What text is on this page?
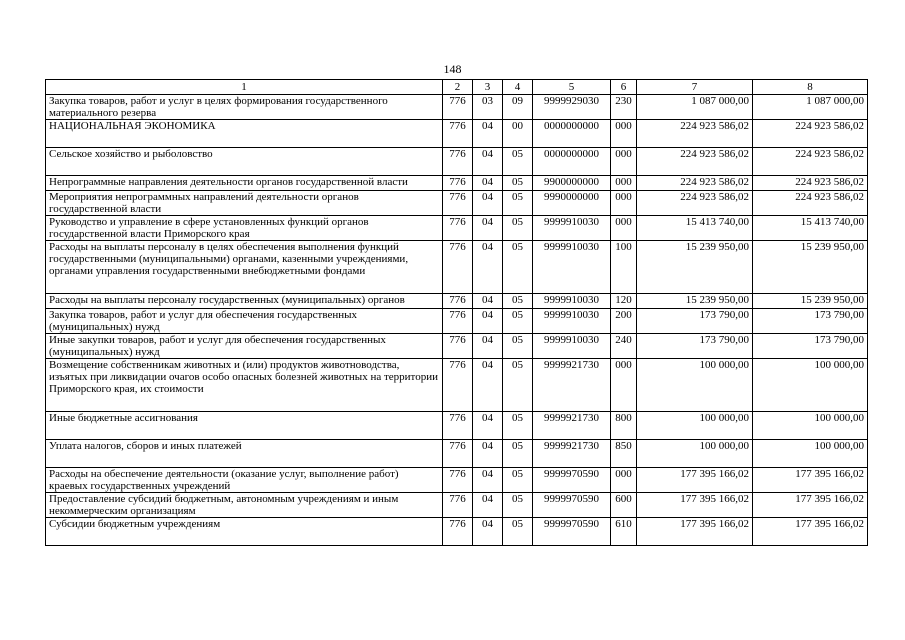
148
1	2	3	4	5	6	7	8
Закупка товаров, работ и услуг в целях формирования государственного материального резерва	776	03	09	9999929030	230	1 087 000,00	1 087 000,00
НАЦИОНАЛЬНАЯ ЭКОНОМИКА	776	04	00	0000000000	000	224 923 586,02	224 923 586,02
Сельское хозяйство и рыболовство	776	04	05	0000000000	000	224 923 586,02	224 923 586,02
Непрограммные направления деятельности органов государственной власти	776	04	05	9900000000	000	224 923 586,02	224 923 586,02
Мероприятия непрограммных направлений деятельности органов государственной власти	776	04	05	9990000000	000	224 923 586,02	224 923 586,02
Руководство и управление в сфере установленных функций органов государственной власти Приморского края	776	04	05	9999910030	000	15 413 740,00	15 413 740,00
Расходы на выплаты персоналу в целях обеспечения выполнения функций государственными (муниципальными) органами, казенными учреждениями, органами управления государственными внебюджетными фондами	776	04	05	9999910030	100	15 239 950,00	15 239 950,00
Расходы на выплаты персоналу государственных (муниципальных) органов	776	04	05	9999910030	120	15 239 950,00	15 239 950,00
Закупка товаров, работ и услуг для обеспечения государственных (муниципальных) нужд	776	04	05	9999910030	200	173 790,00	173 790,00
Иные закупки товаров, работ и услуг для обеспечения государственных (муниципальных) нужд	776	04	05	9999910030	240	173 790,00	173 790,00
Возмещение собственникам животных и (или) продуктов животноводства, изъятых при ликвидации очагов особо опасных болезней животных на территории Приморского края, их стоимости	776	04	05	9999921730	000	100 000,00	100 000,00
Иные бюджетные ассигнования	776	04	05	9999921730	800	100 000,00	100 000,00
Уплата налогов, сборов и иных платежей	776	04	05	9999921730	850	100 000,00	100 000,00
Расходы на обеспечение деятельности (оказание услуг, выполнение работ) краевых государственных учреждений	776	04	05	9999970590	000	177 395 166,02	177 395 166,02
Предоставление субсидий бюджетным, автономным учреждениям и иным некоммерческим организациям	776	04	05	9999970590	600	177 395 166,02	177 395 166,02
Субсидии бюджетным учреждениям	776	04	05	9999970590	610	177 395 166,02	177 395 166,02
